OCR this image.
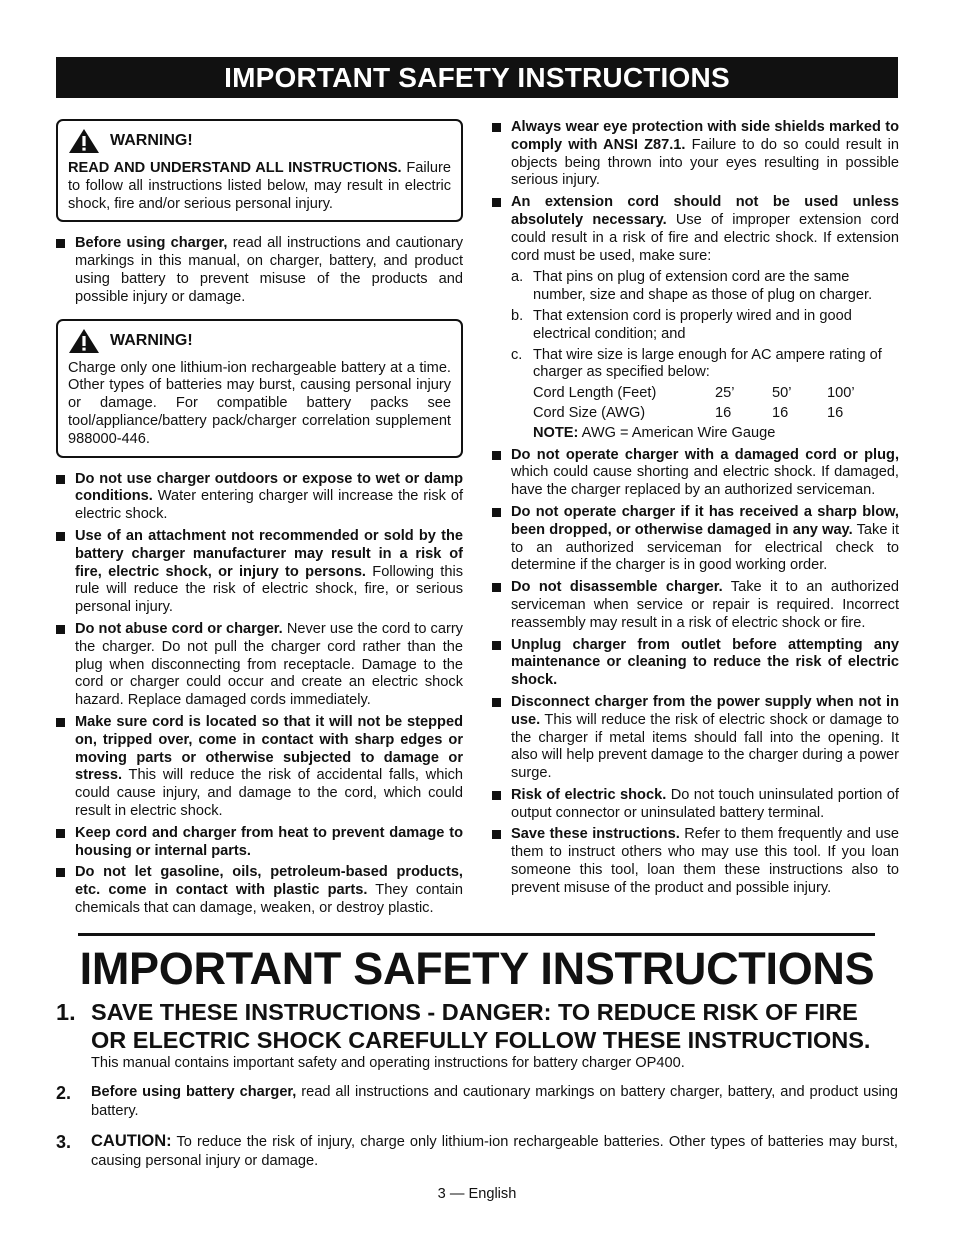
IMPORTANT SAFETY INSTRUCTIONS
WARNING!
READ AND UNDERSTAND ALL INSTRUCTIONS. Failure to follow all instructions listed below, may result in electric shock, fire and/or serious personal injury.

Before using charger, read all instructions and cautionary markings in this manual, on charger, battery, and product using battery to prevent misuse of the products and possible injury or damage.

WARNING!
Charge only one lithium-ion rechargeable battery at a time. Other types of batteries may burst, causing personal injury or damage. For compatible battery packs see tool/appliance/battery pack/charger correlation supplement 988000-446.

Do not use charger outdoors or expose to wet or damp conditions. Water entering charger will increase the risk of electric shock.

Use of an attachment not recommended or sold by the battery charger manufacturer may result in a risk of fire, electric shock, or injury to persons. Following this rule will reduce the risk of electric shock, fire, or serious personal injury.

Do not abuse cord or charger. Never use the cord to carry the charger. Do not pull the charger cord rather than the plug when disconnecting from receptacle. Damage to the cord or charger could occur and create an electric shock hazard. Replace damaged cords immediately.

Make sure cord is located so that it will not be stepped on, tripped over, come in contact with sharp edges or moving parts or otherwise subjected to damage or stress. This will reduce the risk of accidental falls, which could cause injury, and damage to the cord, which could result in electric shock.

Keep cord and charger from heat to prevent damage to housing or internal parts.

Do not let gasoline, oils, petroleum-based products, etc. come in contact with plastic parts. They contain chemicals that can damage, weaken, or destroy plastic.

Always wear eye protection with side shields marked to comply with ANSI Z87.1. Failure to do so could result in objects being thrown into your eyes resulting in possible serious injury.

An extension cord should not be used unless absolutely necessary. Use of improper extension cord could result in a risk of fire and electric shock. If extension cord must be used, make sure:

a. That pins on plug of extension cord are the same number, size and shape as those of plug on charger.
b. That extension cord is properly wired and in good electrical condition; and
c. That wire size is large enough for AC ampere rating of charger as specified below:
Cord Length (Feet)	25’	50’	100’
Cord Size (AWG)	16	16	16
NOTE: AWG = American Wire Gauge

Do not operate charger with a damaged cord or plug, which could cause shorting and electric shock. If damaged, have the charger replaced by an authorized serviceman.

Do not operate charger if it has received a sharp blow, been dropped, or otherwise damaged in any way. Take it to an authorized serviceman for electrical check to determine if the charger is in good working order.

Do not disassemble charger. Take it to an authorized serviceman when service or repair is required. Incorrect reassembly may result in a risk of electric shock or fire.

Unplug charger from outlet before attempting any maintenance or cleaning to reduce the risk of electric shock.

Disconnect charger from the power supply when not in use. This will reduce the risk of electric shock or damage to the charger if metal items should fall into the opening. It also will help prevent damage to the charger during a power surge.

Risk of electric shock. Do not touch uninsulated portion of output connector or uninsulated battery terminal.

Save these instructions. Refer to them frequently and use them to instruct others who may use this tool. If you loan someone this tool, loan them these instructions also to prevent misuse of the product and possible injury.

IMPORTANT SAFETY INSTRUCTIONS
1. SAVE THESE INSTRUCTIONS - DANGER: TO REDUCE RISK OF FIRE OR ELECTRIC SHOCK CAREFULLY FOLLOW THESE INSTRUCTIONS.
This manual contains important safety and operating instructions for battery charger OP400.
2. Before using battery charger, read all instructions and cautionary markings on battery charger, battery, and product using battery.
3. CAUTION: To reduce the risk of injury, charge only lithium-ion rechargeable batteries. Other types of batteries may burst, causing personal injury or damage.
3 — English
